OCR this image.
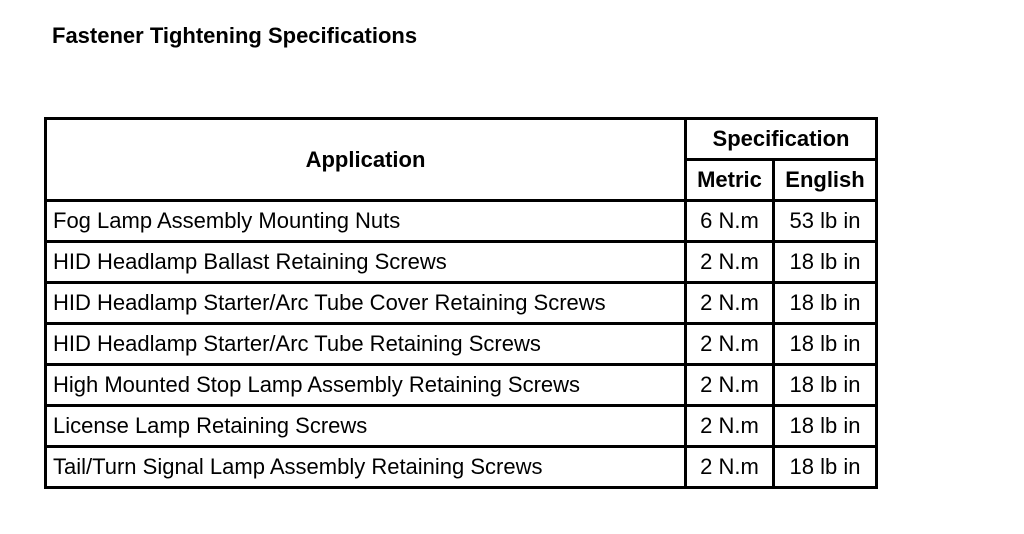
Fastener Tightening Specifications
Application	Specification	
	Metric	English
Fog Lamp Assembly Mounting Nuts	6 N.m	53 lb in
HID Headlamp Ballast Retaining Screws	2 N.m	18 lb in
HID Headlamp Starter/Arc Tube Cover Retaining Screws	2 N.m	18 lb in
HID Headlamp Starter/Arc Tube Retaining Screws	2 N.m	18 lb in
High Mounted Stop Lamp Assembly Retaining Screws	2 N.m	18 lb in
License Lamp Retaining Screws	2 N.m	18 lb in
Tail/Turn Signal Lamp Assembly Retaining Screws	2 N.m	18 lb in
